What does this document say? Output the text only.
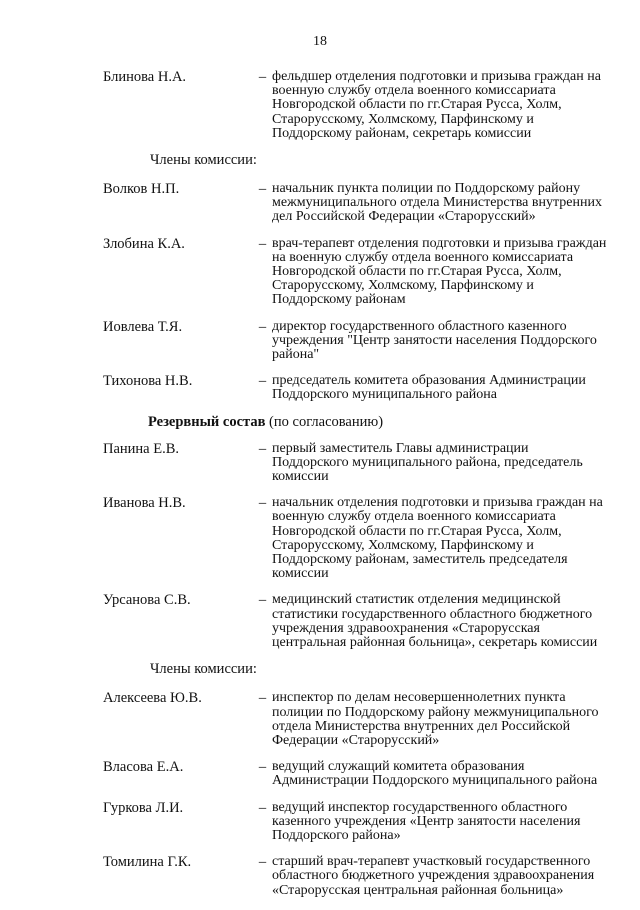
18
Блинова Н.А.	– фельдшер отделения подготовки и призыва граждан на военную службу отдела военного комиссариата Новгородской области по гг.Старая Русса, Холм, Старорусскому, Холмскому, Парфинскому и Поддорскому районам, секретарь комиссии
Члены комиссии:
Волков Н.П.	– начальник пункта полиции по Поддорскому району межмуниципального отдела Министерства внутренних дел Российской Федерации «Старорусский»
Злобина К.А.	– врач-терапевт отделения подготовки и призыва граждан на военную службу отдела военного комиссариата Новгородской области по гг.Старая Русса, Холм, Старорусскому, Холмскому, Парфинскому и Поддорскому районам
Иовлева Т.Я.	– директор государственного областного казенного учреждения "Центр занятости населения Поддорского района"
Тихонова Н.В.	– председатель комитета образования Администрации Поддорского муниципального района
Резервный состав (по согласованию)
Панина Е.В.	– первый заместитель Главы администрации Поддорского муниципального района, председатель комиссии
Иванова Н.В.	– начальник отделения подготовки и призыва граждан на военную службу отдела военного комиссариата Новгородской области по гг.Старая Русса, Холм, Старорусскому, Холмскому, Парфинскому и Поддорскому районам, заместитель председателя комиссии
Урсанова С.В.	– медицинский статистик отделения медицинской статистики государственного областного бюджетного учреждения здравоохранения «Старорусская центральная районная больница», секретарь комиссии
Члены комиссии:
Алексеева Ю.В.	– инспектор по делам несовершеннолетних пункта полиции по Поддорскому району межмуниципального отдела Министерства внутренних дел Российской Федерации «Старорусский»
Власова Е.А.	– ведущий служащий комитета образования Администрации Поддорского муниципального района
Гуркова Л.И.	– ведущий инспектор государственного областного казенного учреждения «Центр занятости населения Поддорского района»
Томилина Г.К.	– старший врач-терапевт участковый государственного областного бюджетного учреждения здравоохранения «Старорусская центральная районная больница»
